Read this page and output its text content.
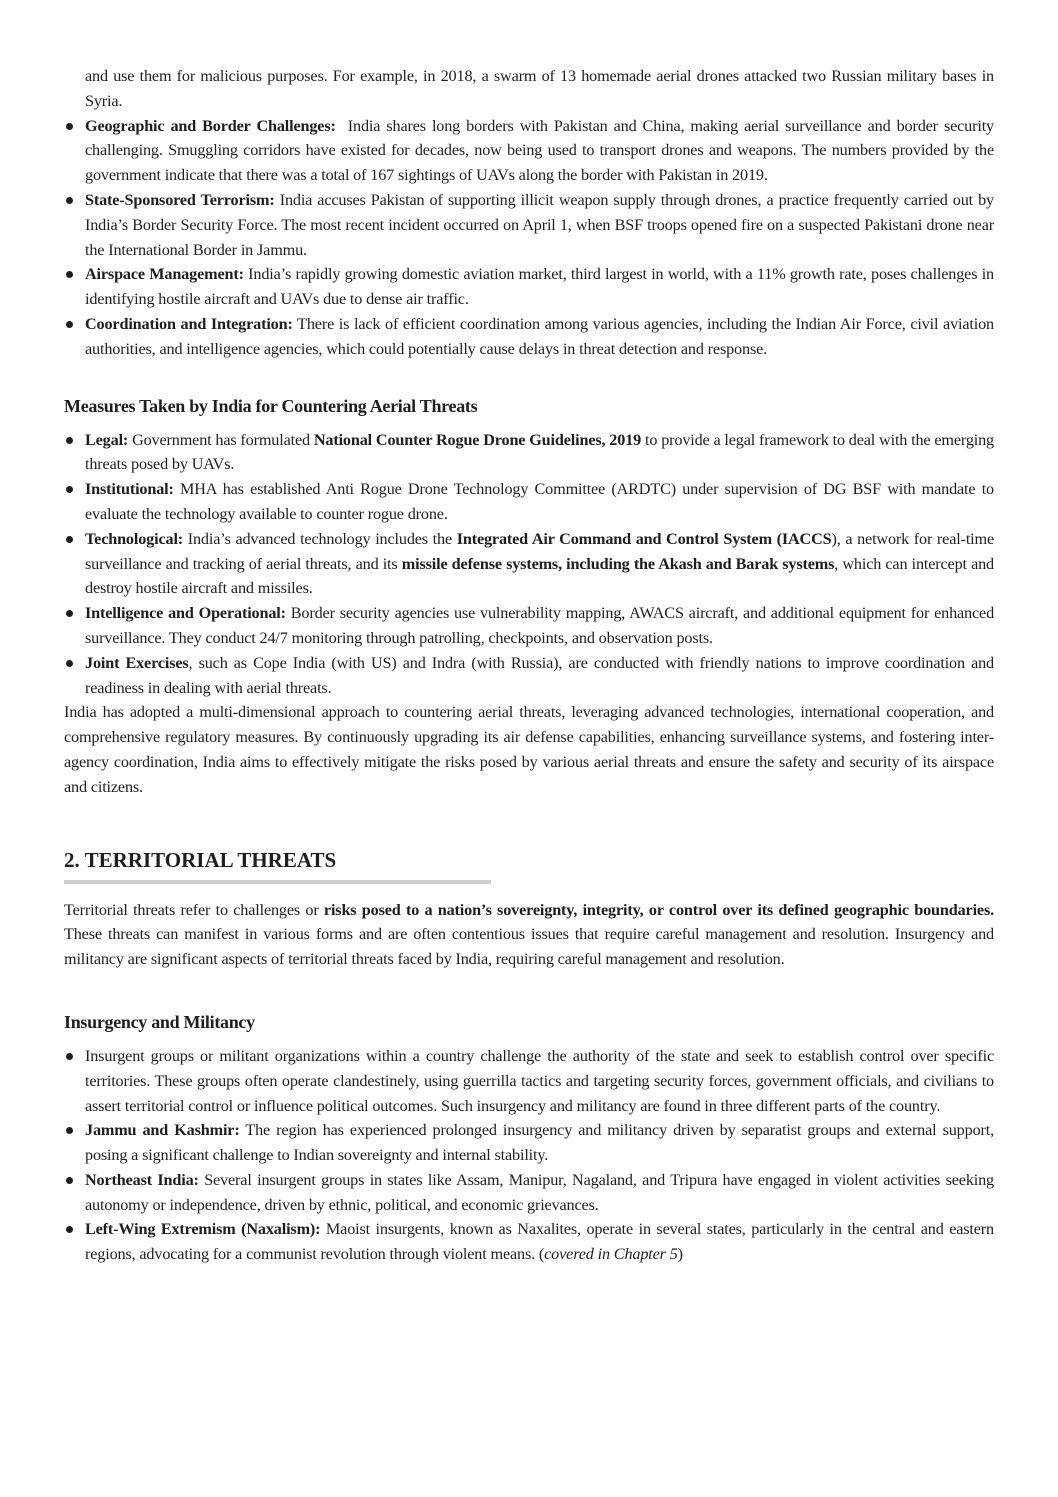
and use them for malicious purposes. For example, in 2018, a swarm of 13 homemade aerial drones attacked two Russian military bases in Syria.
Geographic and Border Challenges:  India shares long borders with Pakistan and China, making aerial surveillance and border security challenging. Smuggling corridors have existed for decades, now being used to transport drones and weapons. The numbers provided by the government indicate that there was a total of 167 sightings of UAVs along the border with Pakistan in 2019.
State-Sponsored Terrorism: India accuses Pakistan of supporting illicit weapon supply through drones, a practice frequently carried out by India’s Border Security Force. The most recent incident occurred on April 1, when BSF troops opened fire on a suspected Pakistani drone near the International Border in Jammu.
Airspace Management: India’s rapidly growing domestic aviation market, third largest in world, with a 11% growth rate, poses challenges in identifying hostile aircraft and UAVs due to dense air traffic.
Coordination and Integration: There is lack of efficient coordination among various agencies, including the Indian Air Force, civil aviation authorities, and intelligence agencies, which could potentially cause delays in threat detection and response.
Measures Taken by India for Countering Aerial Threats
Legal: Government has formulated National Counter Rogue Drone Guidelines, 2019 to provide a legal framework to deal with the emerging threats posed by UAVs.
Institutional: MHA has established Anti Rogue Drone Technology Committee (ARDTC) under supervision of DG BSF with mandate to evaluate the technology available to counter rogue drone.
Technological: India’s advanced technology includes the Integrated Air Command and Control System (IACCS), a network for real-time surveillance and tracking of aerial threats, and its missile defense systems, including the Akash and Barak systems, which can intercept and destroy hostile aircraft and missiles.
Intelligence and Operational: Border security agencies use vulnerability mapping, AWACS aircraft, and additional equipment for enhanced surveillance. They conduct 24/7 monitoring through patrolling, checkpoints, and observation posts.
Joint Exercises, such as Cope India (with US) and Indra (with Russia), are conducted with friendly nations to improve coordination and readiness in dealing with aerial threats.

India has adopted a multi-dimensional approach to countering aerial threats, leveraging advanced technologies, international cooperation, and comprehensive regulatory measures. By continuously upgrading its air defense capabilities, enhancing surveillance systems, and fostering inter-agency coordination, India aims to effectively mitigate the risks posed by various aerial threats and ensure the safety and security of its airspace and citizens.

2. TERRITORIAL THREATS

Territorial threats refer to challenges or risks posed to a nation’s sovereignty, integrity, or control over its defined geographic boundaries. These threats can manifest in various forms and are often contentious issues that require careful management and resolution. Insurgency and militancy are significant aspects of territorial threats faced by India, requiring careful management and resolution.

Insurgency and Militancy
Insurgent groups or militant organizations within a country challenge the authority of the state and seek to establish control over specific territories. These groups often operate clandestinely, using guerrilla tactics and targeting security forces, government officials, and civilians to assert territorial control or influence political outcomes. Such insurgency and militancy are found in three different parts of the country.
Jammu and Kashmir: The region has experienced prolonged insurgency and militancy driven by separatist groups and external support, posing a significant challenge to Indian sovereignty and internal stability.
Northeast India: Several insurgent groups in states like Assam, Manipur, Nagaland, and Tripura have engaged in violent activities seeking autonomy or independence, driven by ethnic, political, and economic grievances.
Left-Wing Extremism (Naxalism): Maoist insurgents, known as Naxalites, operate in several states, particularly in the central and eastern regions, advocating for a communist revolution through violent means. (covered in Chapter 5)
